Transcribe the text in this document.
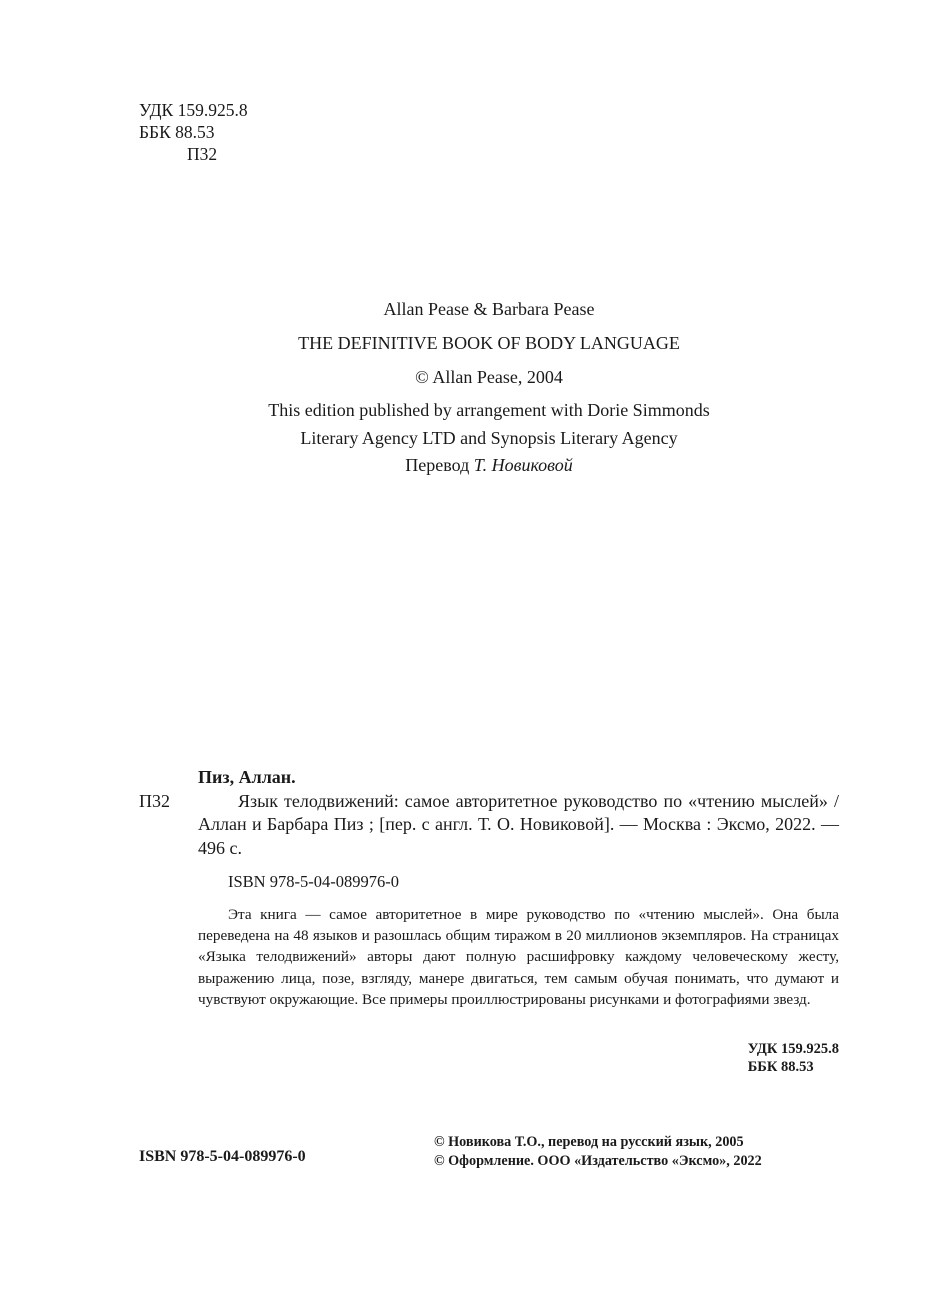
УДК 159.925.8
ББК 88.53
П32
Allan Pease & Barbara Pease
THE DEFINITIVE BOOK OF BODY LANGUAGE
© Allan Pease, 2004
This edition published by arrangement with Dorie Simmonds
Literary Agency LTD and Synopsis Literary Agency
Перевод Т. Новиковой
Пиз, Аллан.
П32	Язык телодвижений: самое авторитетное руководство по «чтению мыслей» / Аллан и Барбара Пиз ; [пер. с англ. Т. О. Новиковой]. — Москва : Эксмо, 2022. — 496 с.
ISBN 978-5-04-089976-0
Эта книга — самое авторитетное в мире руководство по «чтению мыслей». Она была переведена на 48 языков и разошлась общим тиражом в 20 миллионов экземпляров. На страницах «Языка телодвижений» авторы дают полную расшифровку каждому человеческому жесту, выражению лица, позе, взгляду, манере двигаться, тем самым обучая понимать, что думают и чувствуют окружающие. Все примеры проиллюстрированы рисунками и фотографиями звезд.
УДК 159.925.8
ББК 88.53
ISBN 978-5-04-089976-0
© Новикова Т.О., перевод на русский язык, 2005
© Оформление. ООО «Издательство «Эксмо», 2022
